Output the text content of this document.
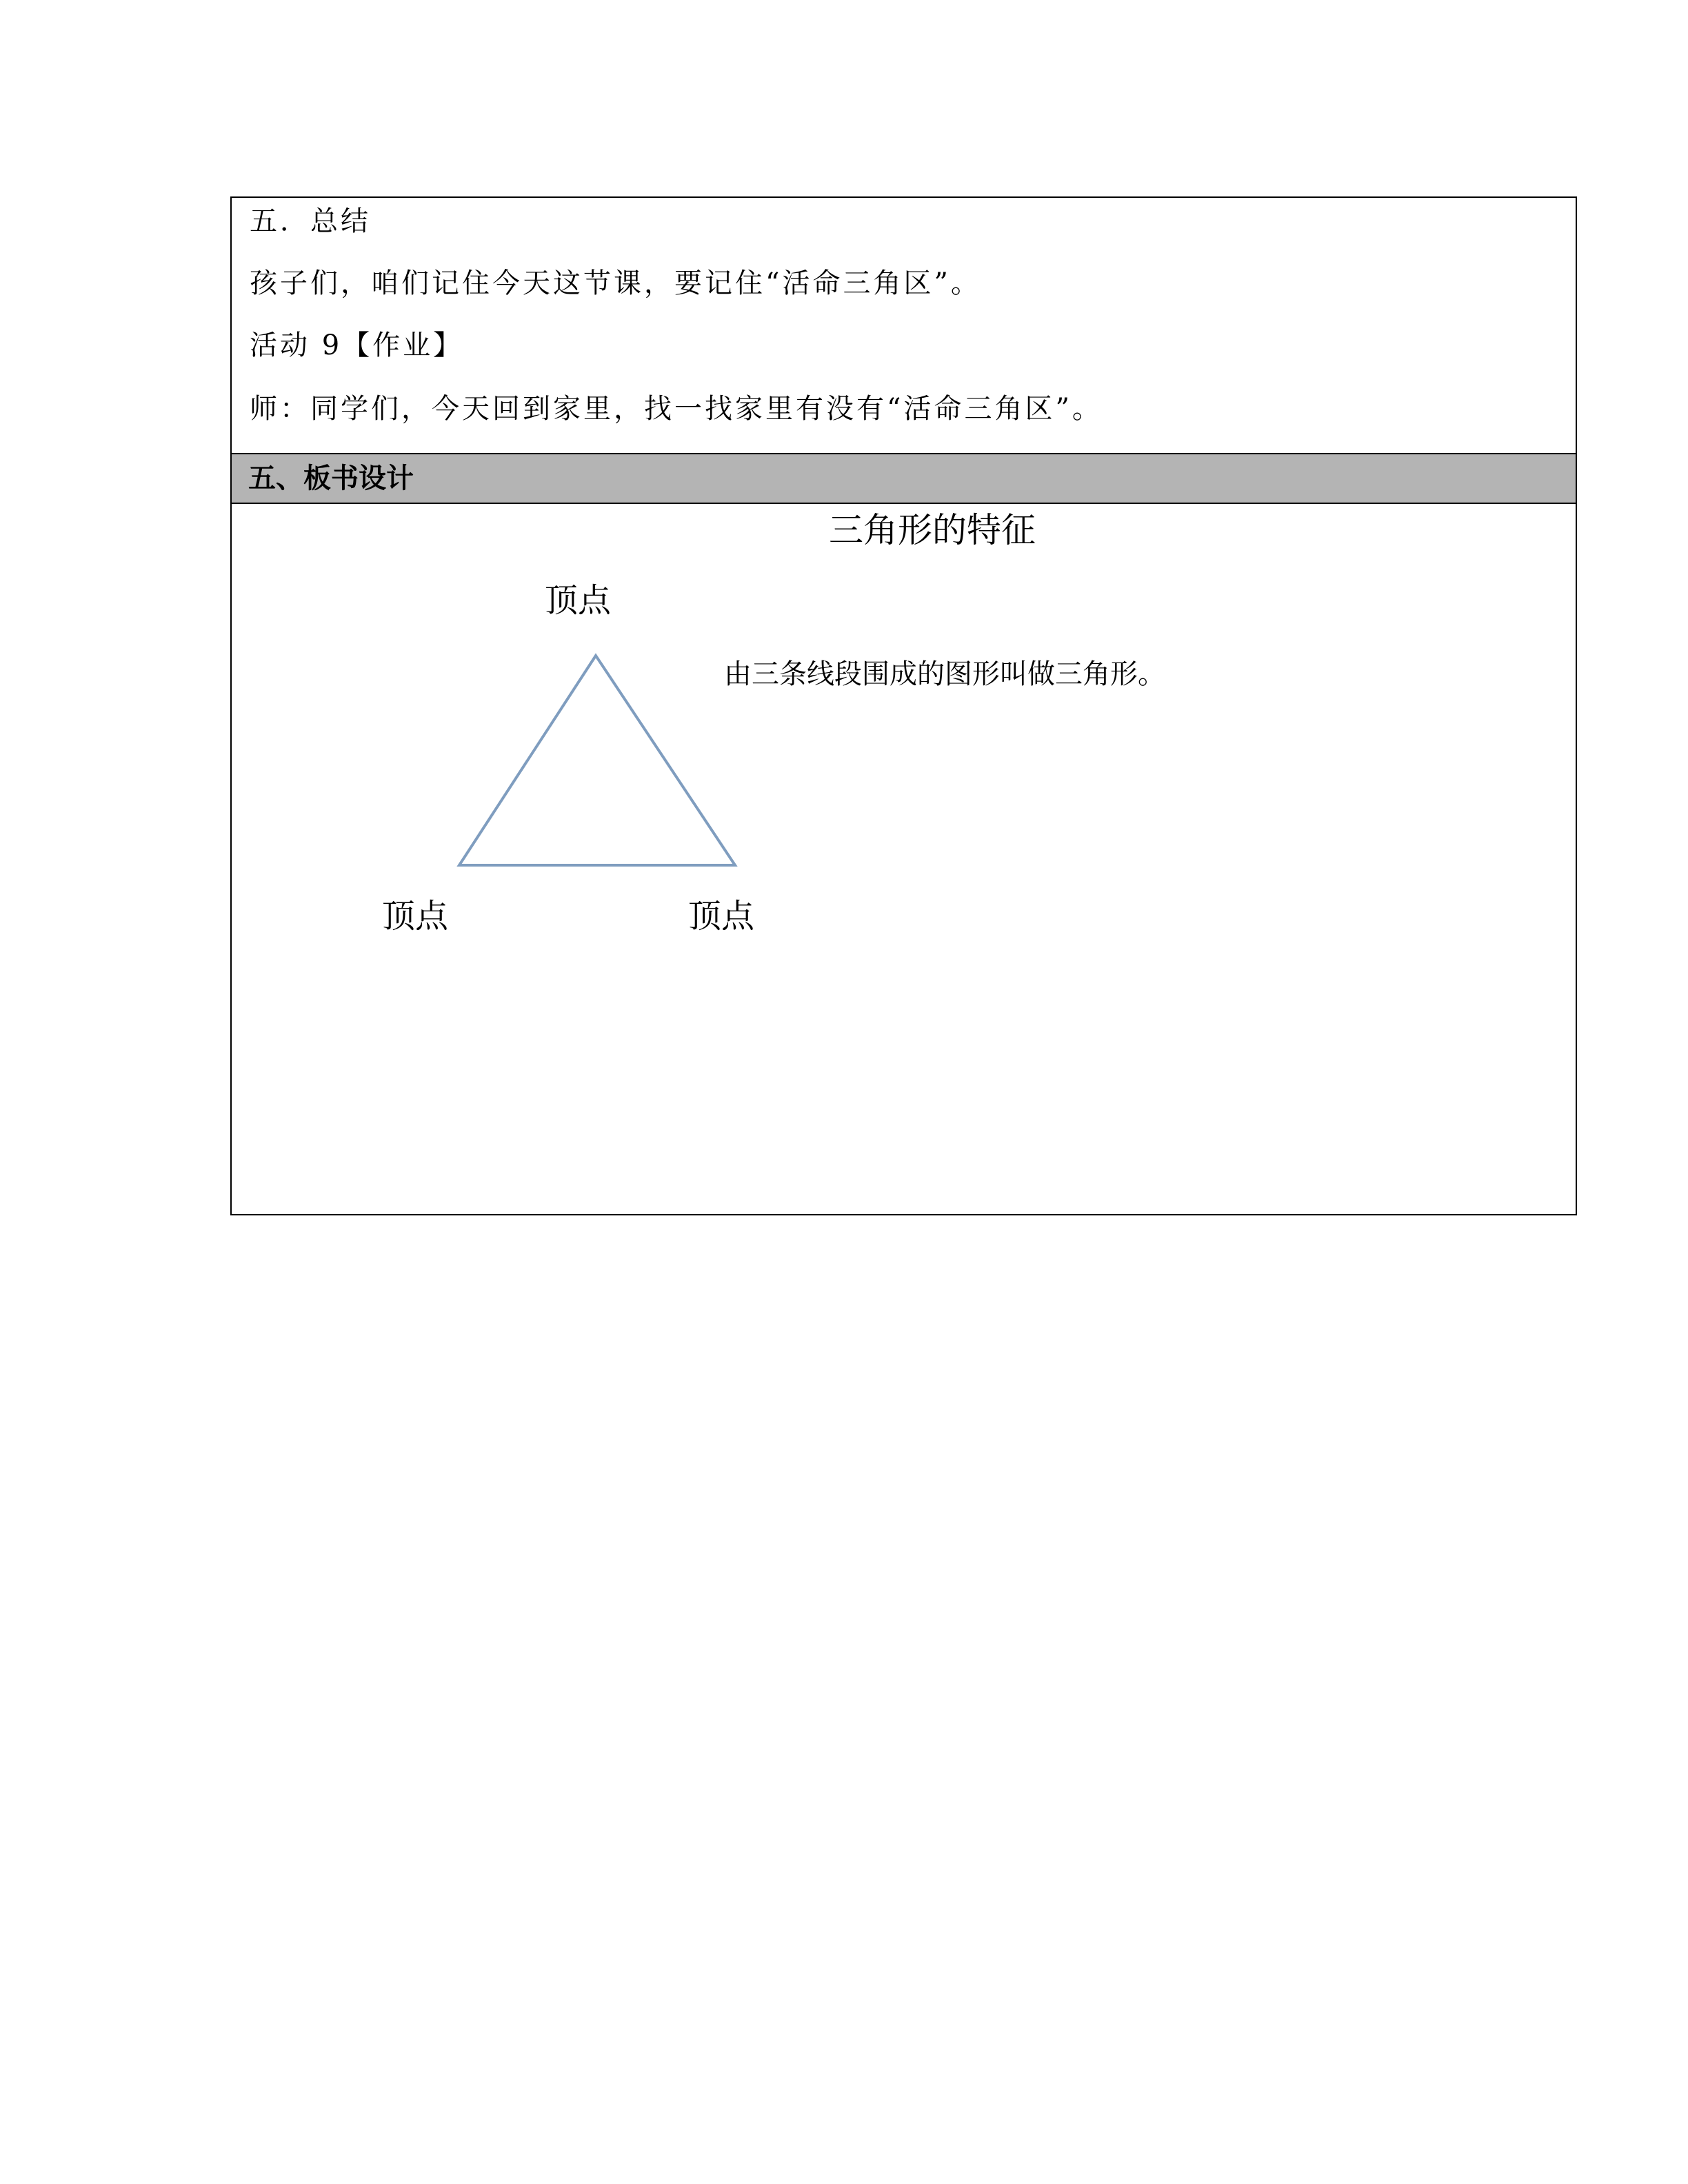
五．总结
孩子们，咱们记住今天这节课，要记住“活命三角区”。
活动 9【作业】
师：同学们，今天回到家里，找一找家里有没有“活命三角区”。
五、板书设计
三角形的特征
顶点
由三条线段围成的图形叫做三角形。
顶点	顶点
